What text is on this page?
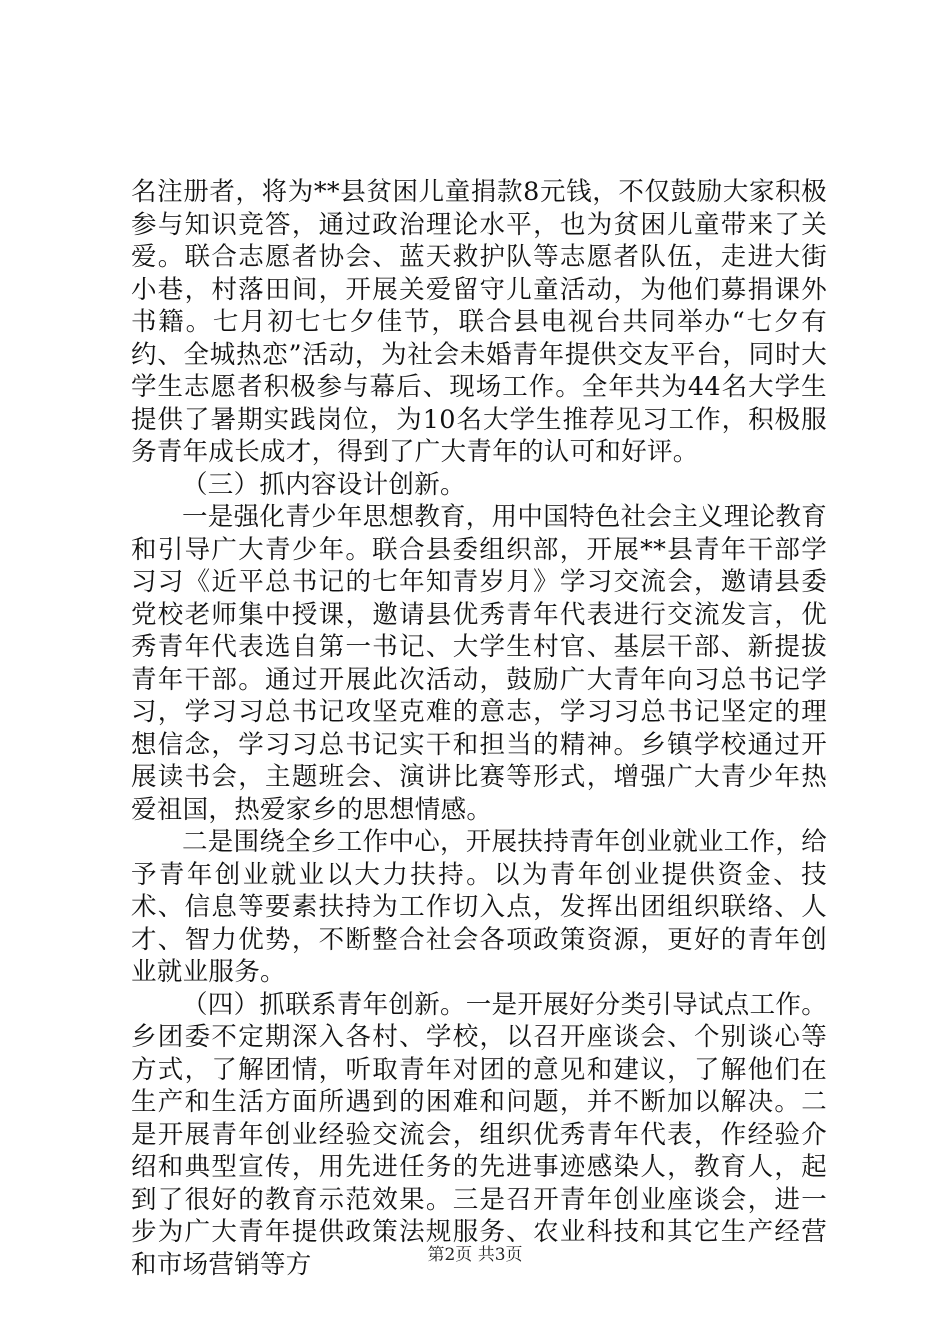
名注册者，将为**县贫困儿童捐款8元钱，不仅鼓励大家积极参与知识竞答，通过政治理论水平，也为贫困儿童带来了关爱。联合志愿者协会、蓝天救护队等志愿者队伍，走进大街小巷，村落田间，开展关爱留守儿童活动，为他们募捐课外书籍。七月初七七夕佳节，联合县电视台共同举办“七夕有约、全城热恋”活动，为社会未婚青年提供交友平台，同时大学生志愿者积极参与幕后、现场工作。全年共为44名大学生提供了暑期实践岗位，为10名大学生推荐见习工作，积极服务青年成长成才，得到了广大青年的认可和好评。

（三）抓内容设计创新。

一是强化青少年思想教育，用中国特色社会主义理论教育和引导广大青少年。联合县委组织部，开展**县青年干部学习习《近平总书记的七年知青岁月》学习交流会，邀请县委党校老师集中授课，邀请县优秀青年代表进行交流发言，优秀青年代表选自第一书记、大学生村官、基层干部、新提拔青年干部。通过开展此次活动，鼓励广大青年向习总书记学习，学习习总书记攻坚克难的意志，学习习总书记坚定的理想信念，学习习总书记实干和担当的精神。乡镇学校通过开展读书会，主题班会、演讲比赛等形式，增强广大青少年热爱祖国，热爱家乡的思想情感。

二是围绕全乡工作中心，开展扶持青年创业就业工作，给予青年创业就业以大力扶持。以为青年创业提供资金、技术、信息等要素扶持为工作切入点，发挥出团组织联络、人才、智力优势，不断整合社会各项政策资源，更好的青年创业就业服务。

（四）抓联系青年创新。一是开展好分类引导试点工作。乡团委不定期深入各村、学校，以召开座谈会、个别谈心等方式，了解团情，听取青年对团的意见和建议，了解他们在生产和生活方面所遇到的困难和问题，并不断加以解决。二是开展青年创业经验交流会，组织优秀青年代表，作经验介绍和典型宣传，用先进任务的先进事迹感染人，教育人，起到了很好的教育示范效果。三是召开青年创业座谈会，进一步为广大青年提供政策法规服务、农业科技和其它生产经营和市场营销等方	第2页 共3页
